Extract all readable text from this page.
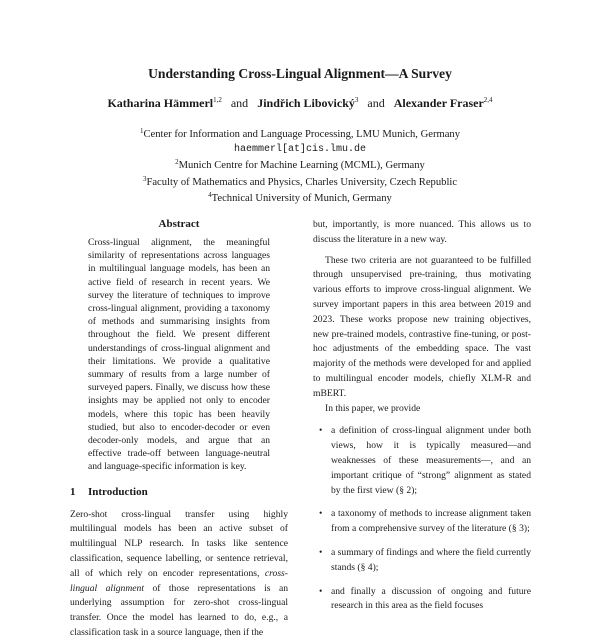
Understanding Cross-Lingual Alignment—A Survey
Katharina Hämmerl$^{1,2}$ and Jindřich Libovický$^3$ and Alexander Fraser$^{2,4}$
$^1$Center for Information and Language Processing, LMU Munich, Germany
haemmerl[at]cis.lmu.de
$^2$Munich Centre for Machine Learning (MCML), Germany
$^3$Faculty of Mathematics and Physics, Charles University, Czech Republic
$^4$Technical University of Munich, Germany
Abstract
Cross-lingual alignment, the meaningful similarity of representations across languages in multilingual language models, has been an active field of research in recent years. We survey the literature of techniques to improve cross-lingual alignment, providing a taxonomy of methods and summarising insights from throughout the field. We present different understandings of cross-lingual alignment and their limitations. We provide a qualitative summary of results from a large number of surveyed papers. Finally, we discuss how these insights may be applied not only to encoder models, where this topic has been heavily studied, but also to encoder-decoder or even decoder-only models, and argue that an effective trade-off between language-neutral and language-specific information is key.
1 Introduction

Zero-shot cross-lingual transfer using highly multilingual models has been an active subset of multilingual NLP research. In tasks like sentence classification, sequence labelling, or sentence retrieval, all of which rely on encoder representations, cross-lingual alignment of those representations is an underlying assumption for zero-shot cross-lingual transfer. Once the model has learned to do, e.g., a classification task in a source language, then if the

but, importantly, is more nuanced. This allows us to discuss the literature in a new way.

These two criteria are not guaranteed to be fulfilled through unsupervised pre-training, thus motivating various efforts to improve cross-lingual alignment. We survey important papers in this area between 2019 and 2023. These works propose new training objectives, new pre-trained models, contrastive fine-tuning, or post-hoc adjustments of the embedding space. The vast majority of the methods were developed for and applied to multilingual encoder models, chiefly XLM-R and mBERT.

In this paper, we provide

• a definition of cross-lingual alignment under both views, how it is typically measured—and weaknesses of these measurements—, and an important critique of “strong” alignment as stated by the first view (§ 2);
• a taxonomy of methods to increase alignment taken from a comprehensive survey of the literature (§ 3);
• a summary of findings and where the field currently stands (§ 4);
• and finally a discussion of ongoing and future research in this area as the field focuses
